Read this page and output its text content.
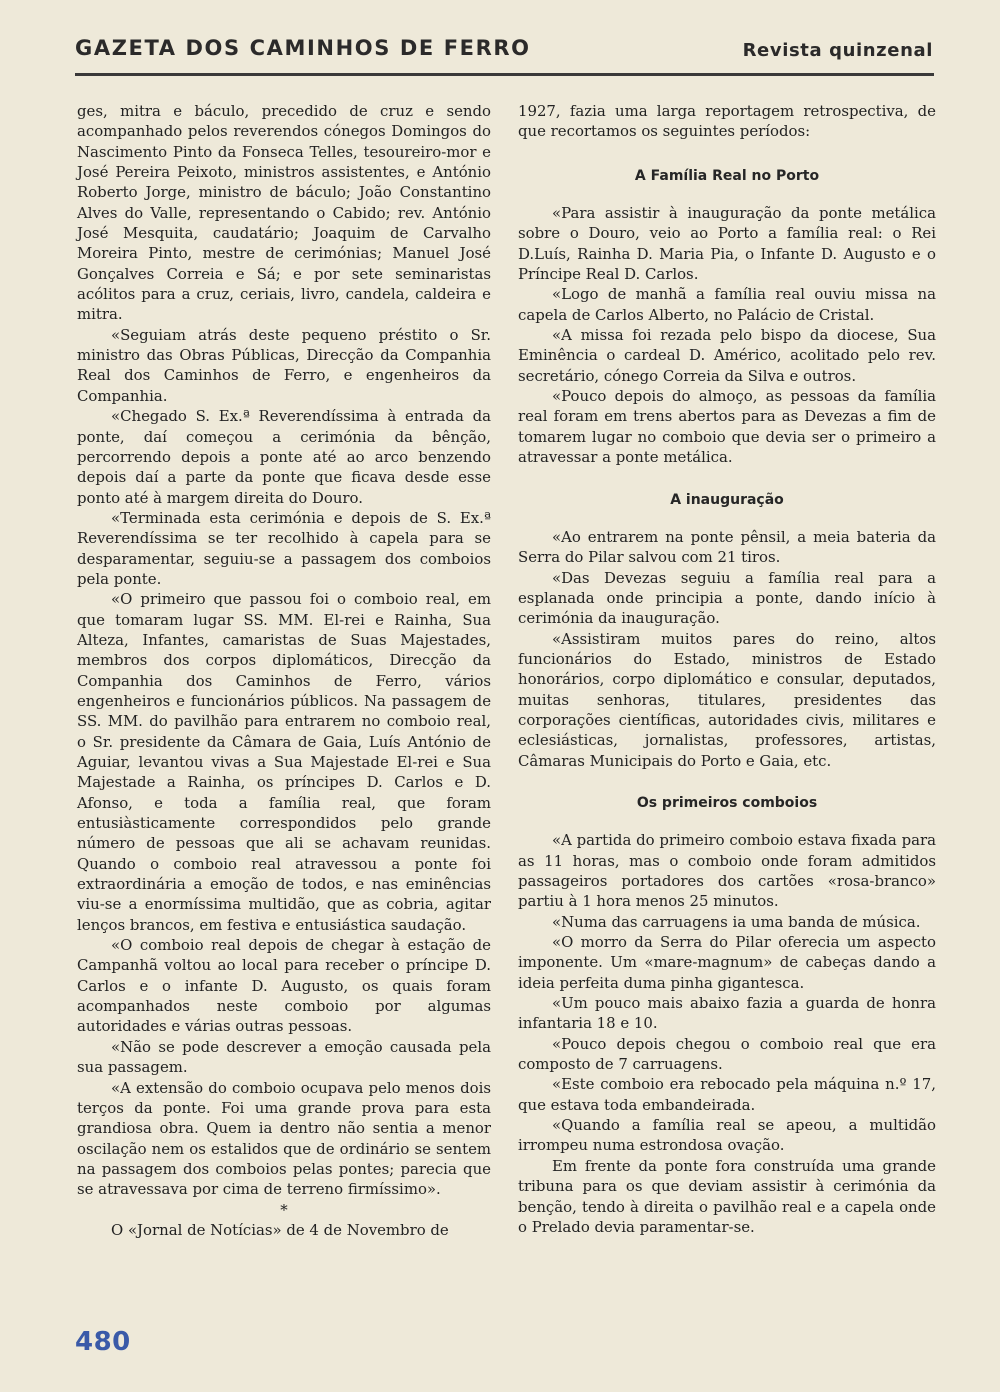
GAZETA DOS CAMINHOS DE FERRO	Revista quinzenal

ges, mitra e báculo, precedido de cruz e sendo acompanhado pelos reverendos cónegos Domingos do Nascimento Pinto da Fonseca Telles, tesoureiro-mor e José Pereira Peixoto, ministros assistentes, e António Roberto Jorge, ministro de báculo; João Constantino Alves do Valle, representando o Cabido; rev. António José Mesquita, caudatário; Joaquim de Carvalho Moreira Pinto, mestre de cerimónias; Manuel José Gonçalves Correia e Sá; e por sete seminaristas acólitos para a cruz, ceriais, livro, candela, caldeira e mitra.

«Seguiam atrás deste pequeno préstito o Sr. ministro das Obras Públicas, Direcção da Companhia Real dos Caminhos de Ferro, e engenheiros da Companhia.

«Chegado S. Ex.ª Reverendíssima à entrada da ponte, daí começou a cerimónia da bênção, percorrendo depois a ponte até ao arco benzendo depois daí a parte da ponte que ficava desde esse ponto até à margem direita do Douro.

«Terminada esta cerimónia e depois de S. Ex.ª Reverendíssima se ter recolhido à capela para se desparamentar, seguiu-se a passagem dos comboios pela ponte.

«O primeiro que passou foi o comboio real, em que tomaram lugar SS. MM. El-rei e Rainha, Sua Alteza, Infantes, camaristas de Suas Majestades, membros dos corpos diplomáticos, Direcção da Companhia dos Caminhos de Ferro, vários engenheiros e funcionários públicos. Na passagem de SS. MM. do pavilhão para entrarem no comboio real, o Sr. presidente da Câmara de Gaia, Luís António de Aguiar, levantou vivas a Sua Majestade El-rei e Sua Majestade a Rainha, os príncipes D. Carlos e D. Afonso, e toda a família real, que foram entusiàsticamente correspondidos pelo grande número de pessoas que ali se achavam reunidas. Quando o comboio real atravessou a ponte foi extraordinária a emoção de todos, e nas eminências viu-se a enormíssima multidão, que as cobria, agitar lenços brancos, em festiva e entusiástica saudação.

«O comboio real depois de chegar à estação de Campanhã voltou ao local para receber o príncipe D. Carlos e o infante D. Augusto, os quais foram acompanhados neste comboio por algumas autoridades e várias outras pessoas.

«Não se pode descrever a emoção causada pela sua passagem.

«A extensão do comboio ocupava pelo menos dois terços da ponte. Foi uma grande prova para esta grandiosa obra. Quem ia dentro não sentia a menor oscilação nem os estalidos que de ordinário se sentem na passagem dos comboios pelas pontes; parecia que se atravessava por cima de terreno firmíssimo».

*

O «Jornal de Notícias» de 4 de Novembro de

1927, fazia uma larga reportagem retrospectiva, de que recortamos os seguintes períodos:

A Família Real no Porto

«Para assistir à inauguração da ponte metálica sobre o Douro, veio ao Porto a família real: o Rei D.Luís, Rainha D. Maria Pia, o Infante D. Augusto e o Príncipe Real D. Carlos.

«Logo de manhã a família real ouviu missa na capela de Carlos Alberto, no Palácio de Cristal.

«A missa foi rezada pelo bispo da diocese, Sua Eminência o cardeal D. Américo, acolitado pelo rev. secretário, cónego Correia da Silva e outros.

«Pouco depois do almoço, as pessoas da família real foram em trens abertos para as Devezas a fim de tomarem lugar no comboio que devia ser o primeiro a atravessar a ponte metálica.

A inauguração

«Ao entrarem na ponte pênsil, a meia bateria da Serra do Pilar salvou com 21 tiros.

«Das Devezas seguiu a família real para a esplanada onde principia a ponte, dando início à cerimónia da inauguração.

«Assistiram muitos pares do reino, altos funcionários do Estado, ministros de Estado honorários, corpo diplomático e consular, deputados, muitas senhoras, titulares, presidentes das corporações científicas, autoridades civis, militares e eclesiásticas, jornalistas, professores, artistas, Câmaras Municipais do Porto e Gaia, etc.

Os primeiros comboios

«A partida do primeiro comboio estava fixada para as 11 horas, mas o comboio onde foram admitidos passageiros portadores dos cartões «rosa-branco» partiu à 1 hora menos 25 minutos.

«Numa das carruagens ia uma banda de música.

«O morro da Serra do Pilar oferecia um aspecto imponente. Um «mare-magnum» de cabeças dando a ideia perfeita duma pinha gigantesca.

«Um pouco mais abaixo fazia a guarda de honra infantaria 18 e 10.

«Pouco depois chegou o comboio real que era composto de 7 carruagens.

«Este comboio era rebocado pela máquina n.º 17, que estava toda embandeirada.

«Quando a família real se apeou, a multidão irrompeu numa estrondosa ovação.

Em frente da ponte fora construída uma grande tribuna para os que deviam assistir à cerimónia da benção, tendo à direita o pavilhão real e a capela onde o Prelado devia paramentar-se.

480
